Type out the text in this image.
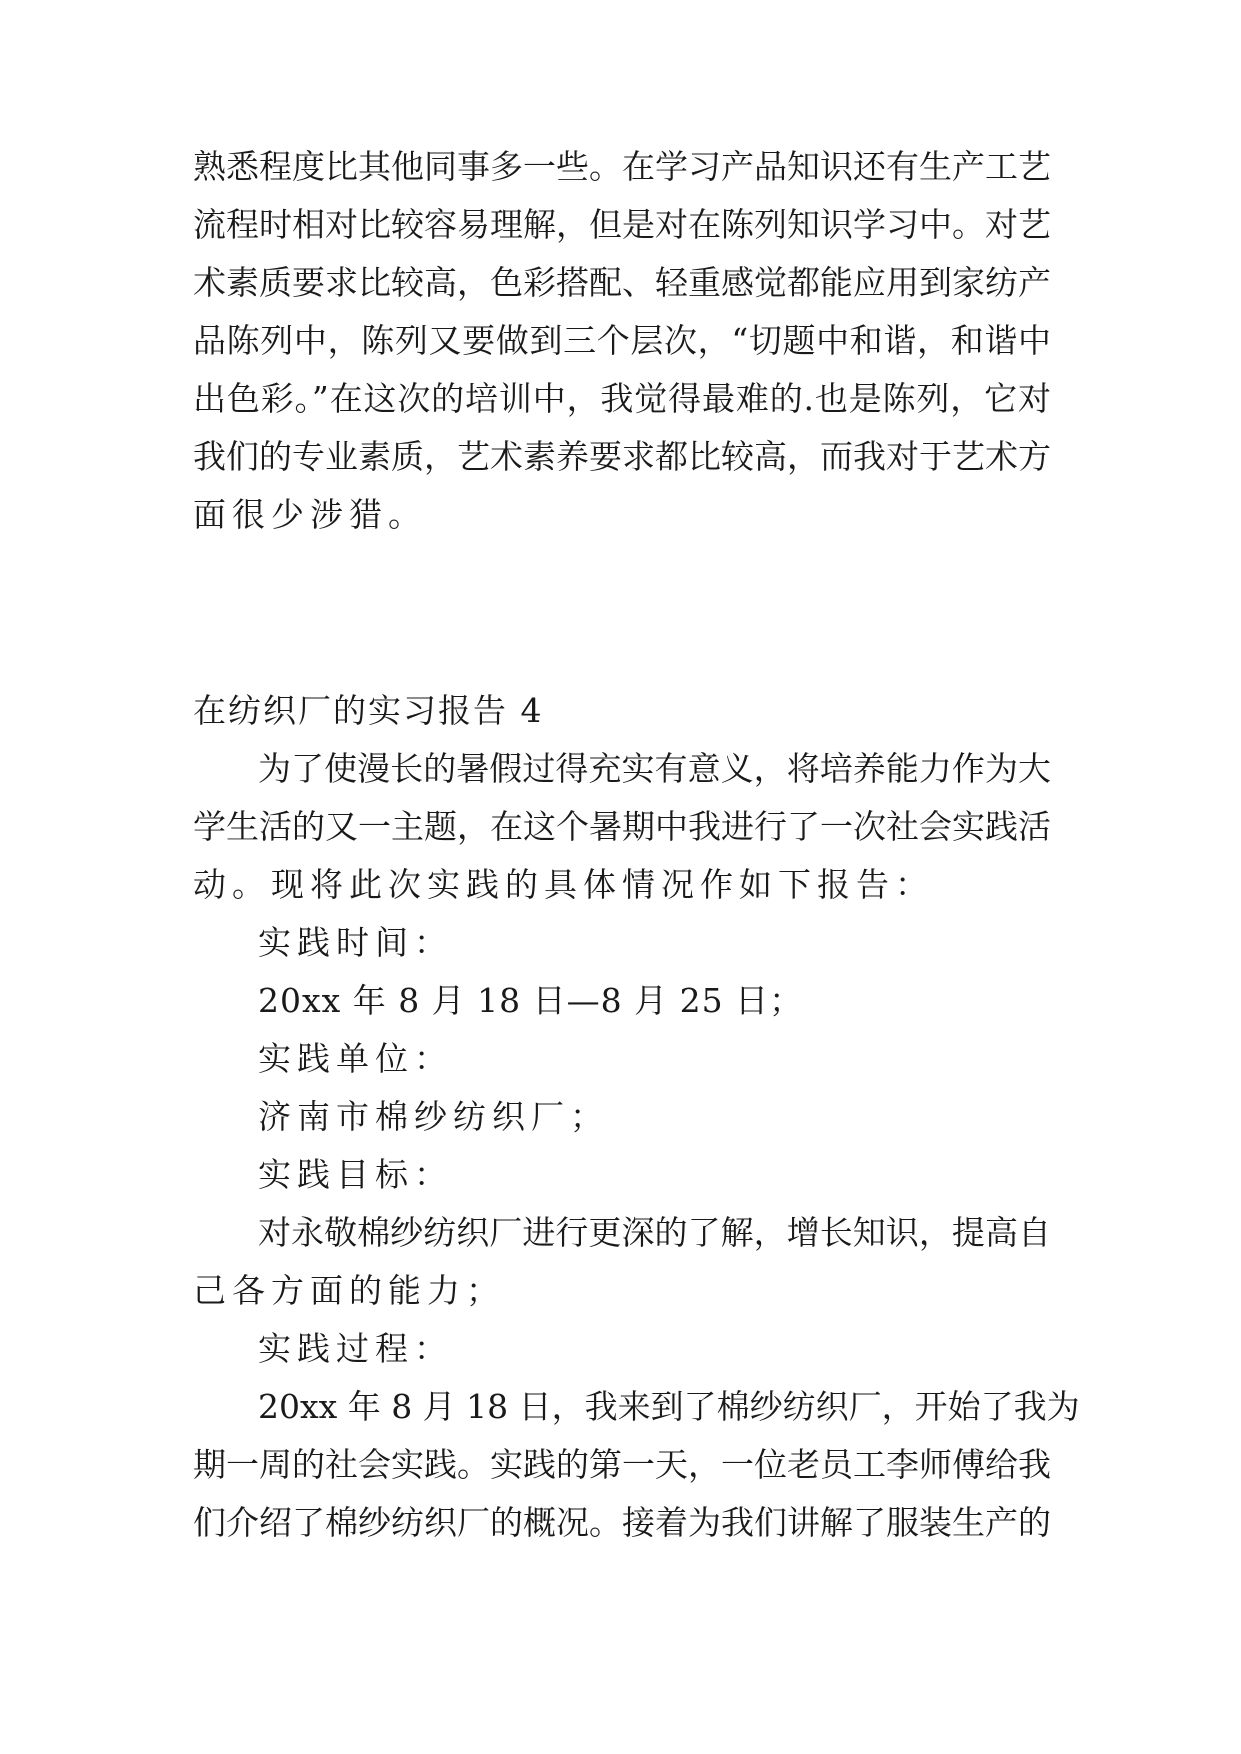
熟悉程度比其他同事多一些。在学习产品知识还有生产工艺
流程时相对比较容易理解，但是对在陈列知识学习中。对艺
术素质要求比较高，色彩搭配、轻重感觉都能应用到家纺产
品陈列中，陈列又要做到三个层次，“切题中和谐，和谐中
出色彩。”在这次的培训中，我觉得最难的.也是陈列，它对
我们的专业素质，艺术素养要求都比较高，而我对于艺术方
面很少涉猎。
在纺织厂的实习报告 4
为了使漫长的暑假过得充实有意义，将培养能力作为大
学生活的又一主题，在这个暑期中我进行了一次社会实践活
动。现将此次实践的具体情况作如下报告：
实践时间：
20xx 年 8 月 18 日—8 月 25 日；
实践单位：
济南市棉纱纺织厂；
实践目标：
对永敬棉纱纺织厂进行更深的了解，增长知识，提高自
己各方面的能力；
实践过程：
20xx 年 8 月 18 日，我来到了棉纱纺织厂，开始了我为
期一周的社会实践。实践的第一天，一位老员工李师傅给我
们介绍了棉纱纺织厂的概况。接着为我们讲解了服装生产的
